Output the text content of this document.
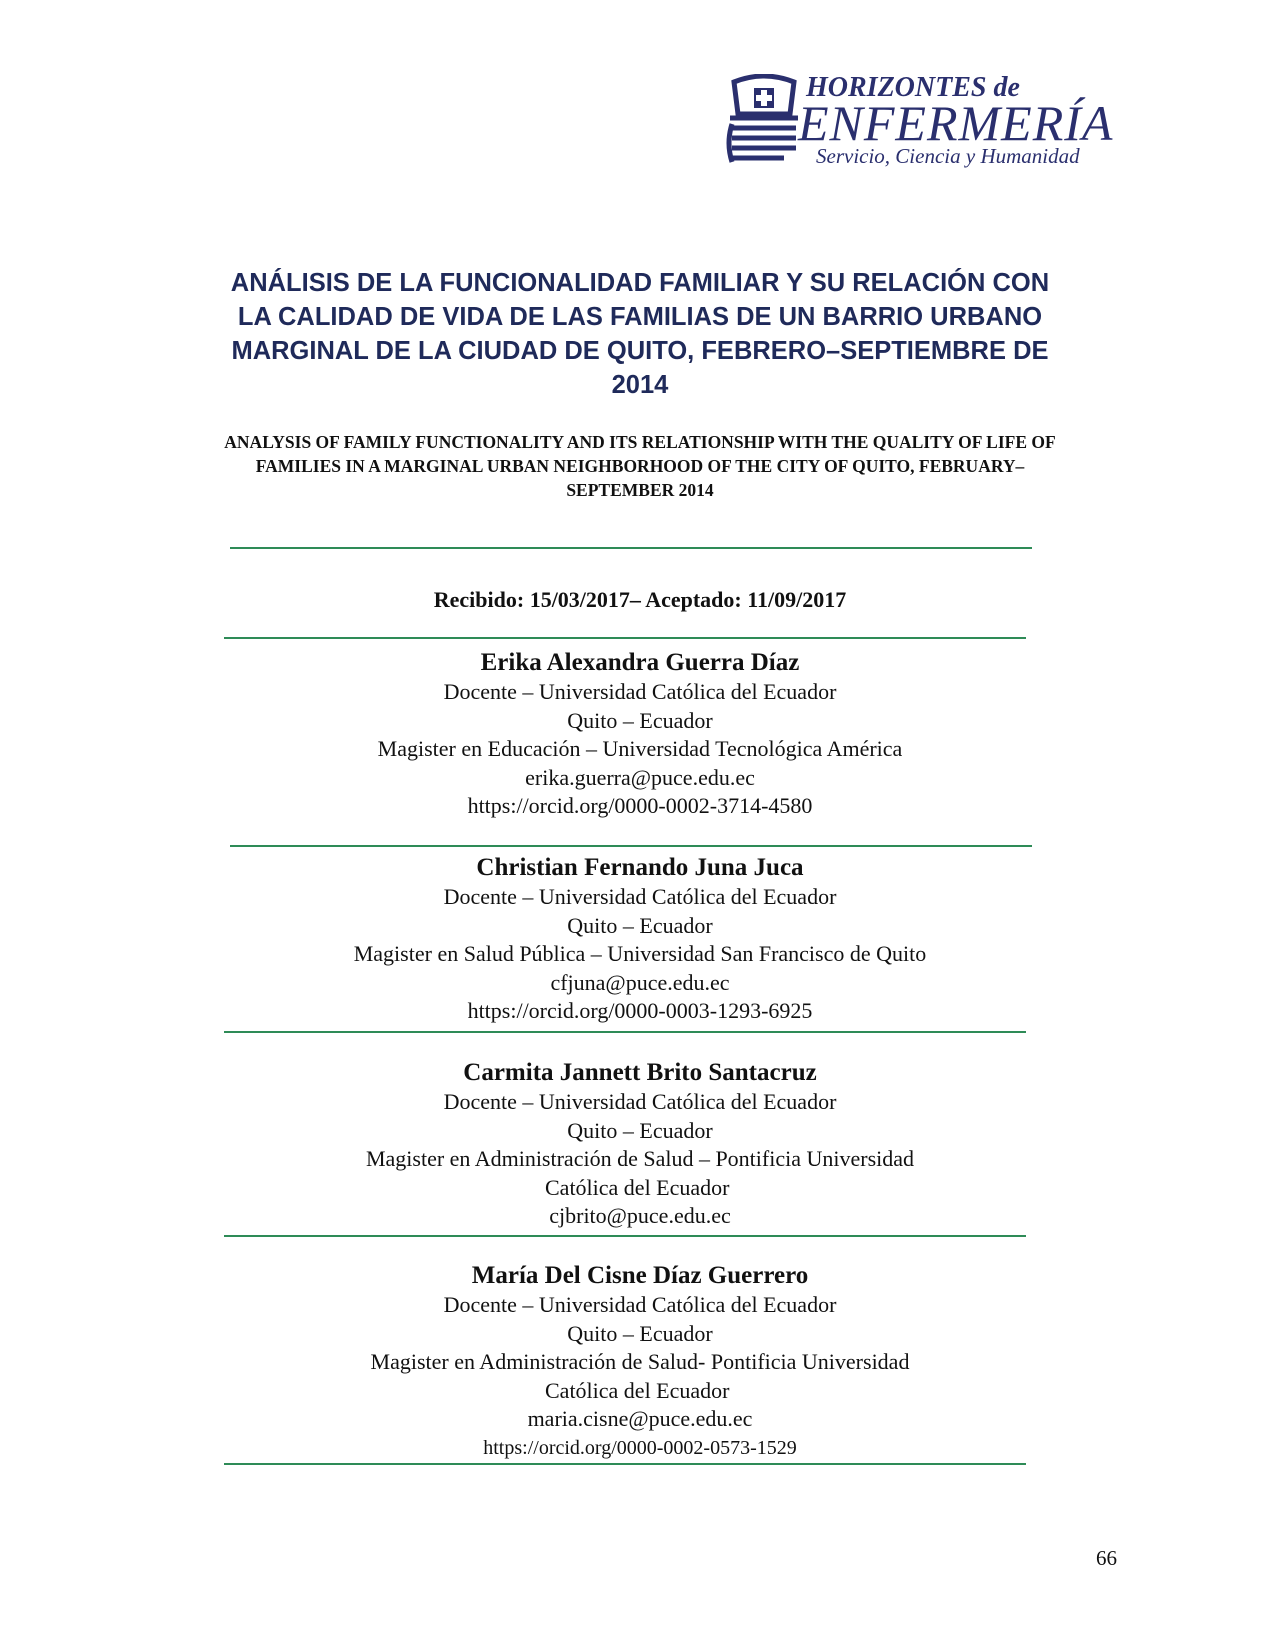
HORIZONTES de
ENFERMERÍA
Servicio, Ciencia y Humanidad
ANÁLISIS DE LA FUNCIONALIDAD FAMILIAR Y SU RELACIÓN CON LA CALIDAD DE VIDA DE LAS FAMILIAS DE UN BARRIO URBANO MARGINAL DE LA CIUDAD DE QUITO, FEBRERO–SEPTIEMBRE DE 2014
ANALYSIS OF FAMILY FUNCTIONALITY AND ITS RELATIONSHIP WITH THE QUALITY OF LIFE OF FAMILIES IN A MARGINAL URBAN NEIGHBORHOOD OF THE CITY OF QUITO, FEBRUARY–SEPTEMBER 2014
Recibido: 15/03/2017– Aceptado: 11/09/2017
Erika Alexandra Guerra Díaz
Docente – Universidad Católica del Ecuador
Quito – Ecuador
Magister en Educación – Universidad Tecnológica América
erika.guerra@puce.edu.ec
https://orcid.org/0000-0002-3714-4580
Christian Fernando Juna Juca
Docente – Universidad Católica del Ecuador
Quito – Ecuador
Magister en Salud Pública – Universidad San Francisco de Quito
cfjuna@puce.edu.ec
https://orcid.org/0000-0003-1293-6925
Carmita Jannett Brito Santacruz
Docente – Universidad Católica del Ecuador
Quito – Ecuador
Magister en Administración de Salud – Pontificia Universidad
Católica del Ecuador
cjbrito@puce.edu.ec
María Del Cisne Díaz Guerrero
Docente – Universidad Católica del Ecuador
Quito – Ecuador
Magister en Administración de Salud- Pontificia Universidad
Católica del Ecuador
maria.cisne@puce.edu.ec
https://orcid.org/0000-0002-0573-1529
66
